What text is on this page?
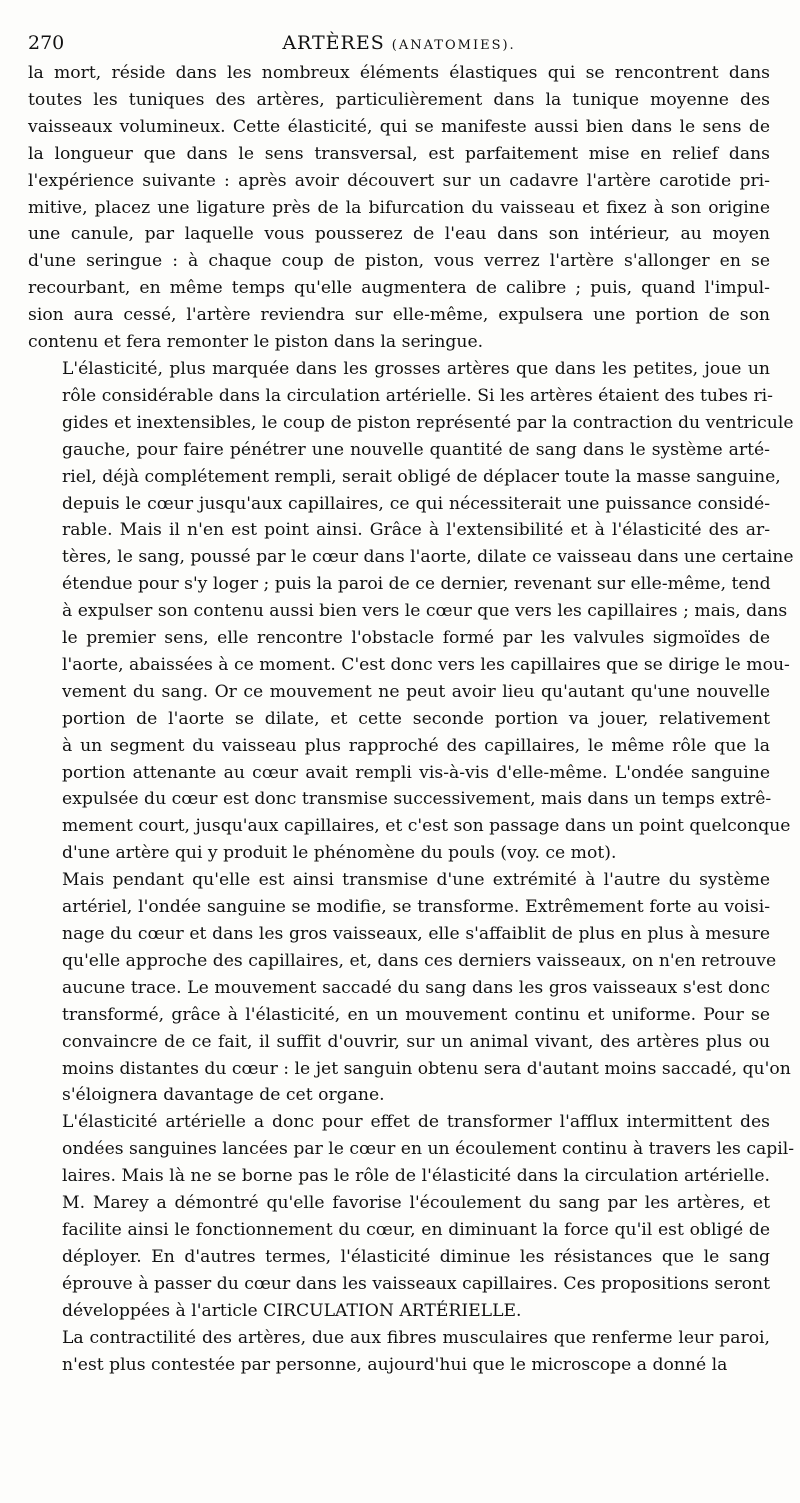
270	ARTÈRES (ANATOMIES).

la mort, réside dans les nombreux éléments élastiques qui se rencontrent dans
toutes les tuniques des artères, particulièrement dans la tunique moyenne des
vaisseaux volumineux. Cette élasticité, qui se manifeste aussi bien dans le sens de
la longueur que dans le sens transversal, est parfaitement mise en relief dans
l'expérience suivante : après avoir découvert sur un cadavre l'artère carotide pri-
mitive, placez une ligature près de la bifurcation du vaisseau et fixez à son origine
une canule, par laquelle vous pousserez de l'eau dans son intérieur, au moyen
d'une seringue : à chaque coup de piston, vous verrez l'artère s'allonger en se
recourbant, en même temps qu'elle augmentera de calibre ; puis, quand l'impul-
sion aura cessé, l'artère reviendra sur elle-même, expulsera une portion de son
contenu et fera remonter le piston dans la seringue.

L'élasticité, plus marquée dans les grosses artères que dans les petites, joue un
rôle considérable dans la circulation artérielle. Si les artères étaient des tubes ri-
gides et inextensibles, le coup de piston représenté par la contraction du ventricule
gauche, pour faire pénétrer une nouvelle quantité de sang dans le système arté-
riel, déjà complétement rempli, serait obligé de déplacer toute la masse sanguine,
depuis le cœur jusqu'aux capillaires, ce qui nécessiterait une puissance considé-
rable. Mais il n'en est point ainsi. Grâce à l'extensibilité et à l'élasticité des ar-
tères, le sang, poussé par le cœur dans l'aorte, dilate ce vaisseau dans une certaine
étendue pour s'y loger ; puis la paroi de ce dernier, revenant sur elle-même, tend
à expulser son contenu aussi bien vers le cœur que vers les capillaires ; mais, dans
le premier sens, elle rencontre l'obstacle formé par les valvules sigmoïdes de
l'aorte, abaissées à ce moment. C'est donc vers les capillaires que se dirige le mou-
vement du sang. Or ce mouvement ne peut avoir lieu qu'autant qu'une nouvelle
portion de l'aorte se dilate, et cette seconde portion va jouer, relativement
à un segment du vaisseau plus rapproché des capillaires, le même rôle que la
portion attenante au cœur avait rempli vis-à-vis d'elle-même. L'ondée sanguine
expulsée du cœur est donc transmise successivement, mais dans un temps extrê-
mement court, jusqu'aux capillaires, et c'est son passage dans un point quelconque
d'une artère qui y produit le phénomène du pouls (voy. ce mot).

Mais pendant qu'elle est ainsi transmise d'une extrémité à l'autre du système
artériel, l'ondée sanguine se modifie, se transforme. Extrêmement forte au voisi-
nage du cœur et dans les gros vaisseaux, elle s'affaiblit de plus en plus à mesure
qu'elle approche des capillaires, et, dans ces derniers vaisseaux, on n'en retrouve
aucune trace. Le mouvement saccadé du sang dans les gros vaisseaux s'est donc
transformé, grâce à l'élasticité, en un mouvement continu et uniforme. Pour se
convaincre de ce fait, il suffit d'ouvrir, sur un animal vivant, des artères plus ou
moins distantes du cœur : le jet sanguin obtenu sera d'autant moins saccadé, qu'on
s'éloignera davantage de cet organe.

L'élasticité artérielle a donc pour effet de transformer l'afflux intermittent des
ondées sanguines lancées par le cœur en un écoulement continu à travers les capil-
laires. Mais là ne se borne pas le rôle de l'élasticité dans la circulation artérielle.
M. Marey a démontré qu'elle favorise l'écoulement du sang par les artères, et
facilite ainsi le fonctionnement du cœur, en diminuant la force qu'il est obligé de
déployer. En d'autres termes, l'élasticité diminue les résistances que le sang
éprouve à passer du cœur dans les vaisseaux capillaires. Ces propositions seront
développées à l'article CIRCULATION ARTÉRIELLE.

La contractilité des artères, due aux fibres musculaires que renferme leur paroi,
n'est plus contestée par personne, aujourd'hui que le microscope a donné la
